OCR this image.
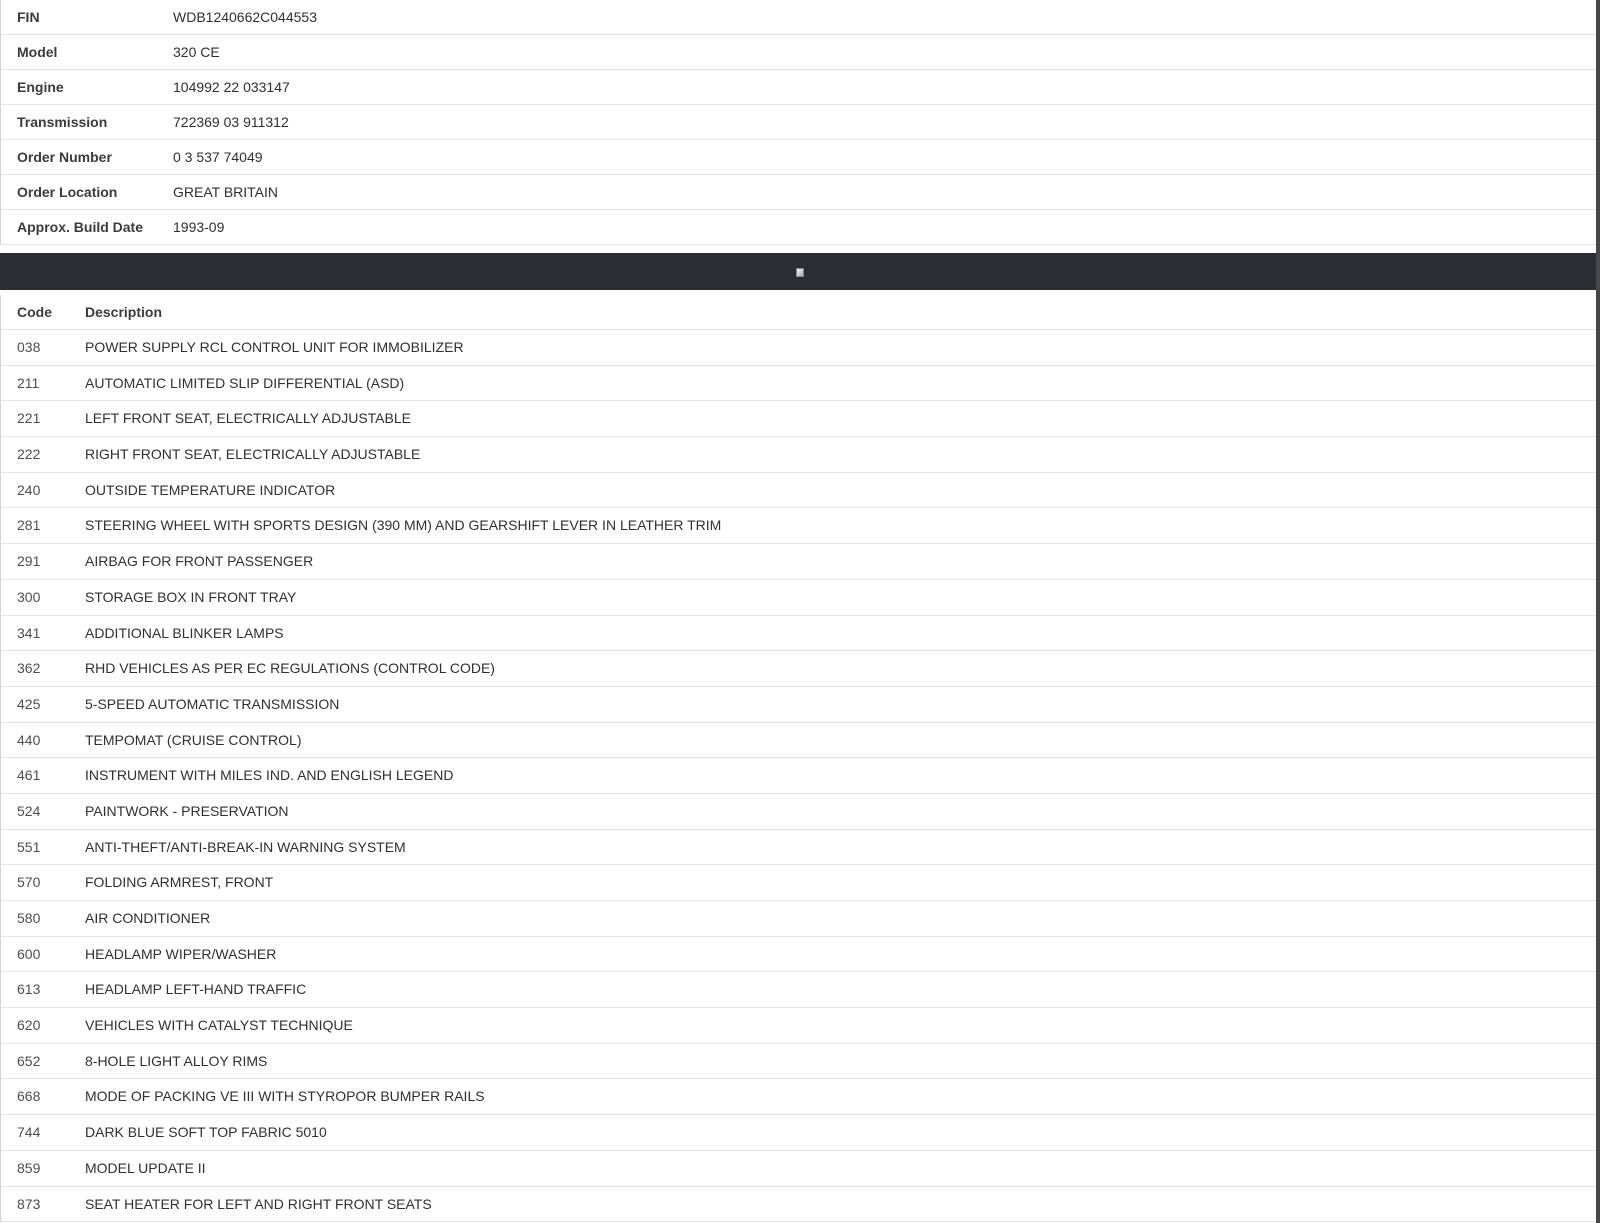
FIN	WDB1240662C044553
Model	320 CE
Engine	104992 22 033147
Transmission	722369 03 911312
Order Number	0 3 537 74049
Order Location	GREAT BRITAIN
Approx. Build Date 1993-09
Code Description
038	POWER SUPPLY RCL CONTROL UNIT FOR IMMOBILIZER
211	AUTOMATIC LIMITED SLIP DIFFERENTIAL (ASD)
221	LEFT FRONT SEAT, ELECTRICALLY ADJUSTABLE
222	RIGHT FRONT SEAT, ELECTRICALLY ADJUSTABLE
240	OUTSIDE TEMPERATURE INDICATOR
281	STEERING WHEEL WITH SPORTS DESIGN (390 MM) AND GEARSHIFT LEVER IN LEATHER TRIM
291	AIRBAG FOR FRONT PASSENGER
300	STORAGE BOX IN FRONT TRAY
341	ADDITIONAL BLINKER LAMPS
362	RHD VEHICLES AS PER EC REGULATIONS (CONTROL CODE)
425	5-SPEED AUTOMATIC TRANSMISSION
440	TEMPOMAT (CRUISE CONTROL)
461	INSTRUMENT WITH MILES IND. AND ENGLISH LEGEND
524	PAINTWORK - PRESERVATION
551	ANTI-THEFT/ANTI-BREAK-IN WARNING SYSTEM
570	FOLDING ARMREST, FRONT
580	AIR CONDITIONER
600	HEADLAMP WIPER/WASHER
613	HEADLAMP LEFT-HAND TRAFFIC
620	VEHICLES WITH CATALYST TECHNIQUE
652	8-HOLE LIGHT ALLOY RIMS
668	MODE OF PACKING VE III WITH STYROPOR BUMPER RAILS
744	DARK BLUE SOFT TOP FABRIC 5010
859	MODEL UPDATE II
873	SEAT HEATER FOR LEFT AND RIGHT FRONT SEATS
